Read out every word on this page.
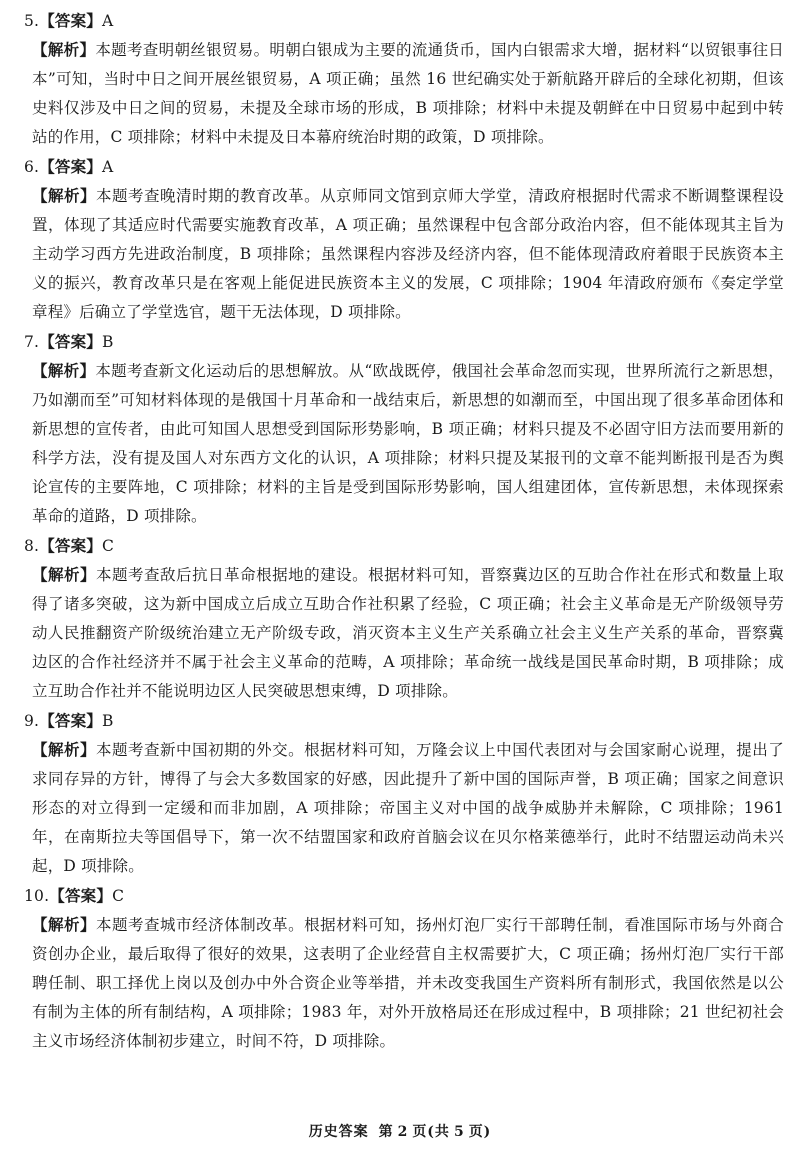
5.【答案】A
【解析】本题考查明朝丝银贸易。明朝白银成为主要的流通货币，国内白银需求大增，据材料“以贸银事往日本”可知，当时中日之间开展丝银贸易，A 项正确；虽然 16 世纪确实处于新航路开辟后的全球化初期，但该史料仅涉及中日之间的贸易，未提及全球市场的形成，B 项排除；材料中未提及朝鲜在中日贸易中起到中转站的作用，C 项排除；材料中未提及日本幕府统治时期的政策，D 项排除。
6.【答案】A
【解析】本题考查晚清时期的教育改革。从京师同文馆到京师大学堂，清政府根据时代需求不断调整课程设置，体现了其适应时代需要实施教育改革，A 项正确；虽然课程中包含部分政治内容，但不能体现其主旨为主动学习西方先进政治制度，B 项排除；虽然课程内容涉及经济内容，但不能体现清政府着眼于民族资本主义的振兴，教育改革只是在客观上能促进民族资本主义的发展，C 项排除；1904 年清政府颁布《奏定学堂章程》后确立了学堂选官，题干无法体现，D 项排除。
7.【答案】B
【解析】本题考查新文化运动后的思想解放。从“欧战既停，俄国社会革命忽而实现，世界所流行之新思想，乃如潮而至”可知材料体现的是俄国十月革命和一战结束后，新思想的如潮而至，中国出现了很多革命团体和新思想的宣传者，由此可知国人思想受到国际形势影响，B 项正确；材料只提及不必固守旧方法而要用新的科学方法，没有提及国人对东西方文化的认识，A 项排除；材料只提及某报刊的文章不能判断报刊是否为舆论宣传的主要阵地，C 项排除；材料的主旨是受到国际形势影响，国人组建团体，宣传新思想，未体现探索革命的道路，D 项排除。
8.【答案】C
【解析】本题考查敌后抗日革命根据地的建设。根据材料可知，晋察冀边区的互助合作社在形式和数量上取得了诸多突破，这为新中国成立后成立互助合作社积累了经验，C 项正确；社会主义革命是无产阶级领导劳动人民推翻资产阶级统治建立无产阶级专政，消灭资本主义生产关系确立社会主义生产关系的革命，晋察冀边区的合作社经济并不属于社会主义革命的范畴，A 项排除；革命统一战线是国民革命时期，B 项排除；成立互助合作社并不能说明边区人民突破思想束缚，D 项排除。
9.【答案】B
【解析】本题考查新中国初期的外交。根据材料可知，万隆会议上中国代表团对与会国家耐心说理，提出了求同存异的方针，博得了与会大多数国家的好感，因此提升了新中国的国际声誉，B 项正确；国家之间意识形态的对立得到一定缓和而非加剧，A 项排除；帝国主义对中国的战争威胁并未解除，C 项排除；1961 年，在南斯拉夫等国倡导下，第一次不结盟国家和政府首脑会议在贝尔格莱德举行，此时不结盟运动尚未兴起，D 项排除。
10.【答案】C
【解析】本题考查城市经济体制改革。根据材料可知，扬州灯泡厂实行干部聘任制，看准国际市场与外商合资创办企业，最后取得了很好的效果，这表明了企业经营自主权需要扩大，C 项正确；扬州灯泡厂实行干部聘任制、职工择优上岗以及创办中外合资企业等举措，并未改变我国生产资料所有制形式，我国依然是以公有制为主体的所有制结构，A 项排除；1983 年，对外开放格局还在形成过程中，B 项排除；21 世纪初社会主义市场经济体制初步建立，时间不符，D 项排除。
历史答案 第 2 页(共 5 页)
